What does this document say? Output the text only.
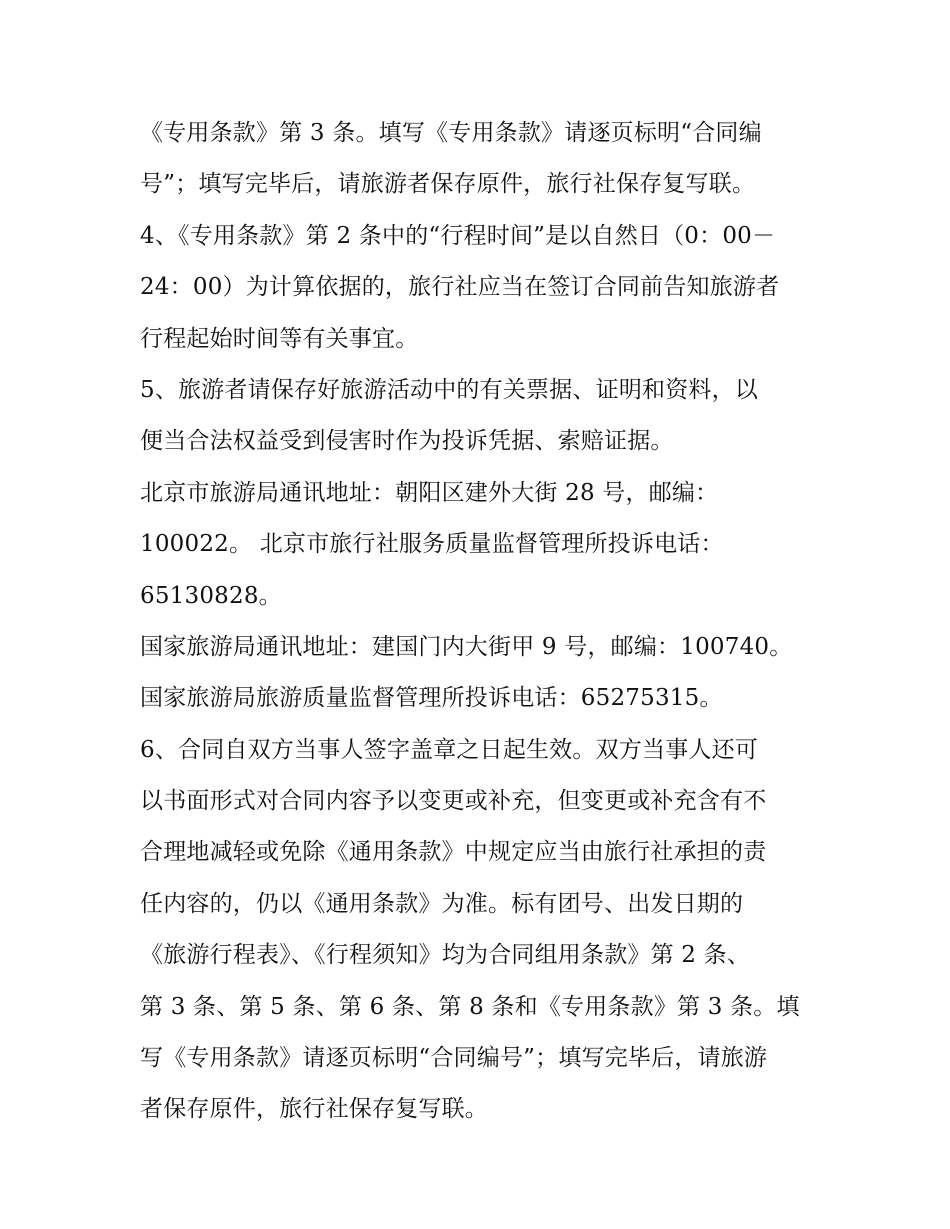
《专用条款》第 3 条。填写《专用条款》请逐页标明“合同编
号”；填写完毕后，请旅游者保存原件，旅行社保存复写联。
4、《专用条款》第 2 条中的“行程时间”是以自然日（0：00－
24：00）为计算依据的，旅行社应当在签订合同前告知旅游者
行程起始时间等有关事宜。
5、旅游者请保存好旅游活动中的有关票据、证明和资料，以
便当合法权益受到侵害时作为投诉凭据、索赔证据。
北京市旅游局通讯地址：朝阳区建外大街 28 号，邮编：
100022。 北京市旅行社服务质量监督管理所投诉电话：
65130828。
国家旅游局通讯地址：建国门内大街甲 9 号，邮编：100740。
国家旅游局旅游质量监督管理所投诉电话：65275315。
6、合同自双方当事人签字盖章之日起生效。双方当事人还可
以书面形式对合同内容予以变更或补充，但变更或补充含有不
合理地减轻或免除《通用条款》中规定应当由旅行社承担的责
任内容的，仍以《通用条款》为准。标有团号、出发日期的
《旅游行程表》、《行程须知》均为合同组用条款》第 2 条、
第 3 条、第 5 条、第 6 条、第 8 条和《专用条款》第 3 条。填
写《专用条款》请逐页标明“合同编号”；填写完毕后，请旅游
者保存原件，旅行社保存复写联。
